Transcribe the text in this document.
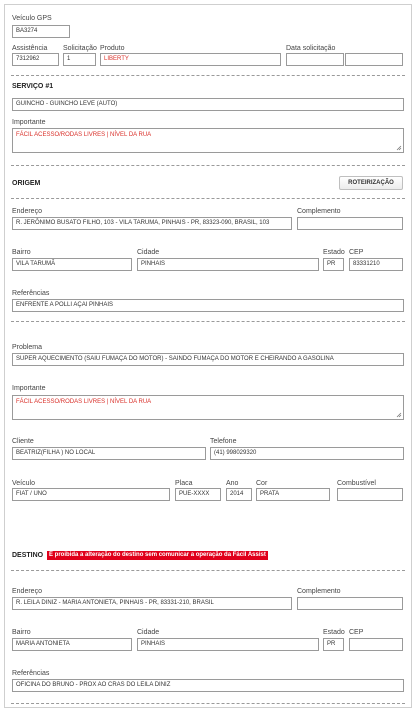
Veículo GPS
BA3274
Assistência
7312962
Solicitação
1
Produto
LIBERTY
Data solicitação
SERVIÇO #1
GUINCHO - GUINCHO LEVE (AUTO)
Importante
FÁCIL ACESSO/RODAS LIVRES | NÍVEL DA RUA
ORIGEM	ROTEIRIZAÇÃO
Endereço
R. JERÔNIMO BUSATO FILHO, 103 - VILA TARUMA, PINHAIS - PR, 83323-090, BRASIL, 103
Complemento
Bairro
VILA TARUMÃ
Cidade
PINHAIS
Estado
PR
CEP
83331210
Referências
ENFRENTE A POLLI AÇAI PINHAIS
Problema
SUPER AQUECIMENTO (SAIU FUMAÇA DO MOTOR) - SAINDO FUMAÇA DO MOTOR E CHEIRANDO A GASOLINA
Importante
FÁCIL ACESSO/RODAS LIVRES | NÍVEL DA RUA
Cliente
BEATRIZ(FILHA ) NO LOCAL
Telefone
(41) 998029320
Veículo
FIAT / UNO
Placa
PUE-XXXX
Ano
2014
Cor
PRATA
Combustível
DESTINO É proibida a alteração do destino sem comunicar a operação da Fácil Assist
Endereço
R. LEILA DINIZ - MARIA ANTONIETA, PINHAIS - PR, 83331-210, BRASIL
Complemento
Bairro
MARIA ANTONIETA
Cidade
PINHAIS
Estado
PR
CEP
Referências
OFICINA DO BRUNO - PROX AO CRAS DO LEILA DINIZ
